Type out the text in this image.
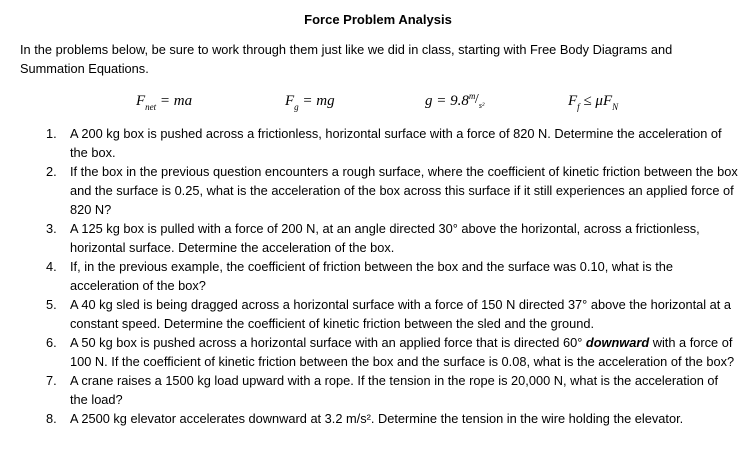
Force Problem Analysis
In the problems below, be sure to work through them just like we did in class, starting with Free Body Diagrams and Summation Equations.
$F_{net}$ = ma	$F_g$ = mg	g = 9.8 m / s²	$F_f \le \mu F_N$
1. A 200 kg box is pushed across a frictionless, horizontal surface with a force of 820 N. Determine the acceleration of the box.
2. If the box in the previous question encounters a rough surface, where the coefficient of kinetic friction between the box and the surface is 0.25, what is the acceleration of the box across this surface if it still experiences an applied force of 820 N?
3. A 125 kg box is pulled with a force of 200 N, at an angle directed 30° above the horizontal, across a frictionless, horizontal surface. Determine the acceleration of the box.
4. If, in the previous example, the coefficient of friction between the box and the surface was 0.10, what is the acceleration of the box?
5. A 40 kg sled is being dragged across a horizontal surface with a force of 150 N directed 37° above the horizontal at a constant speed. Determine the coefficient of kinetic friction between the sled and the ground.
6. A 50 kg box is pushed across a horizontal surface with an applied force that is directed 60° downward with a force of 100 N. If the coefficient of kinetic friction between the box and the surface is 0.08, what is the acceleration of the box?
7. A crane raises a 1500 kg load upward with a rope. If the tension in the rope is 20,000 N, what is the acceleration of the load?
8. A 2500 kg elevator accelerates downward at 3.2 m/s². Determine the tension in the wire holding the elevator.
